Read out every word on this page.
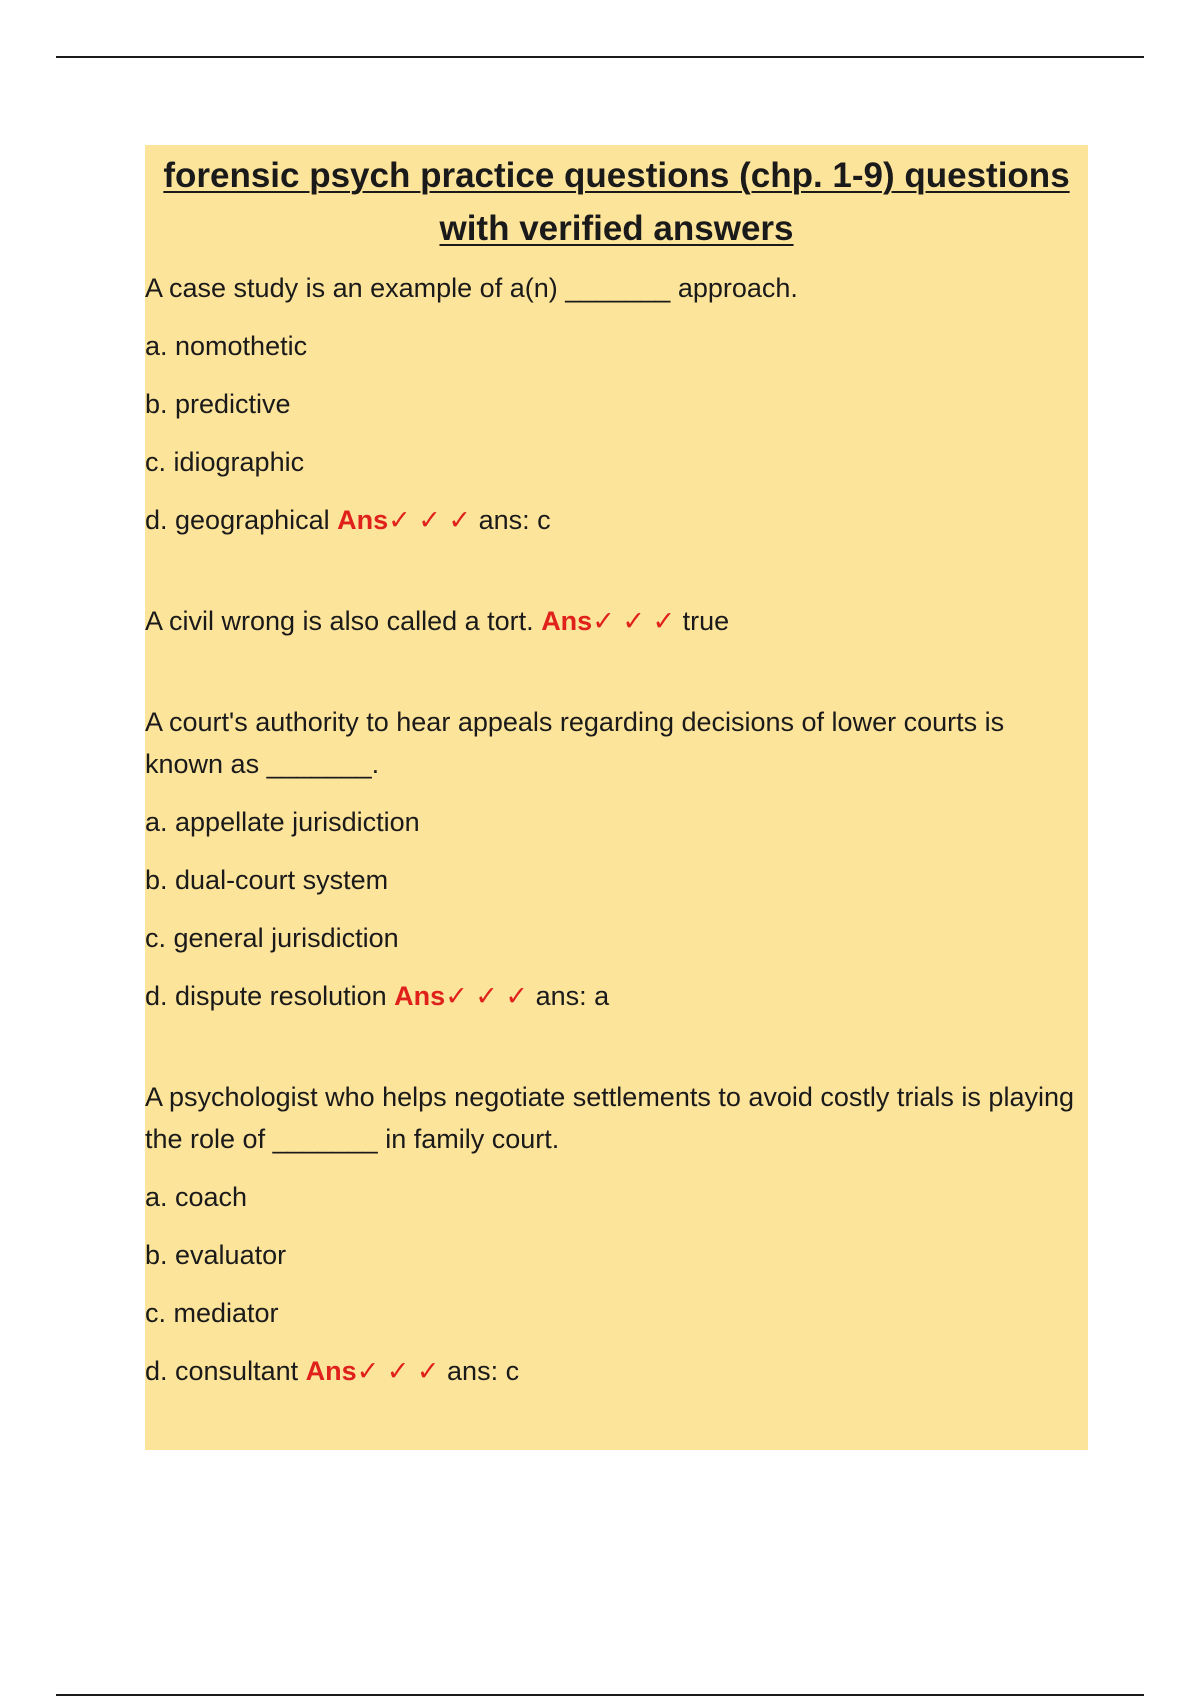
forensic psych practice questions (chp. 1-9) questions
with verified answers

A case study is an example of a(n) _______ approach.

a. nomothetic

b. predictive

c. idiographic

d. geographical Ans✓ ✓ ✓ ans: c

A civil wrong is also called a tort. Ans✓ ✓ ✓ true

A court's authority to hear appeals regarding decisions of lower courts is known as _______.

a. appellate jurisdiction

b. dual-court system

c. general jurisdiction

d. dispute resolution Ans✓ ✓ ✓ ans: a

A psychologist who helps negotiate settlements to avoid costly trials is playing the role of _______ in family court.

a. coach

b. evaluator

c. mediator

d. consultant Ans✓ ✓ ✓ ans: c
